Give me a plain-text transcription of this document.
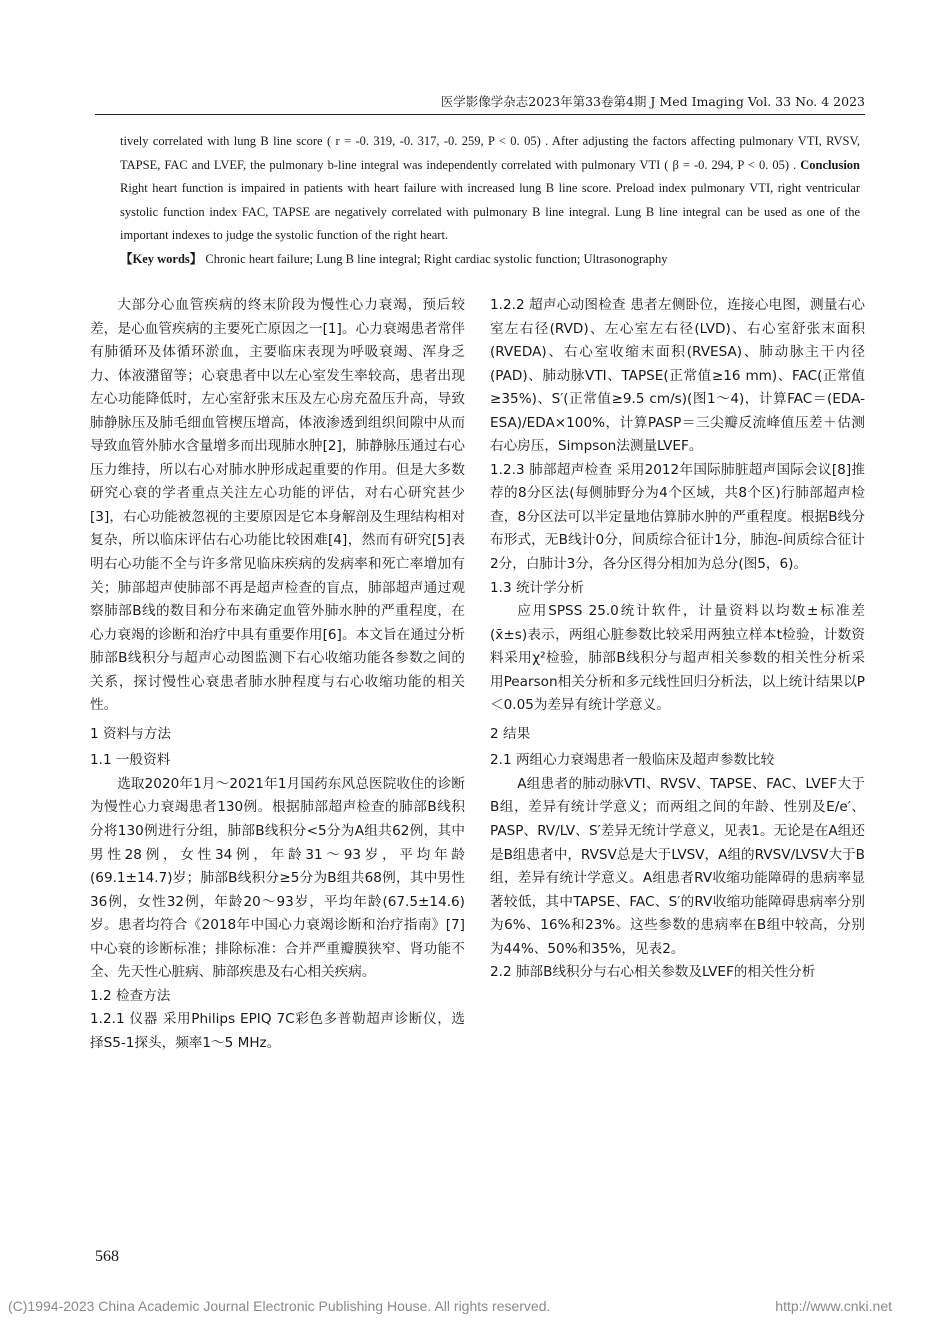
医学影像学杂志2023年第33卷第4期 J Med Imaging Vol. 33 No. 4 2023
tively correlated with lung B line score ( r = -0. 319, -0. 317, -0. 259, P < 0. 05) . After adjusting the factors affecting pulmonary VTI, RVSV, TAPSE, FAC and LVEF, the pulmonary b-line integral was independently correlated with pulmonary VTI ( β = -0. 294, P < 0. 05) . Conclusion Right heart function is impaired in patients with heart failure with increased lung B line score. Preload index pulmonary VTI, right ventricular systolic function index FAC, TAPSE are negatively correlated with pulmonary B line integral. Lung B line integral can be used as one of the important indexes to judge the systolic function of the right heart.
【Key words】 Chronic heart failure; Lung B line integral; Right cardiac systolic function; Ultrasonography

大部分心血管疾病的终末阶段为慢性心力衰竭，预后较差，是心血管疾病的主要死亡原因之一[1]。心力衰竭患者常伴有肺循环及体循环淤血，主要临床表现为呼吸衰竭、浑身乏力、体液潴留等；心衰患者中以左心室发生率较高，患者出现左心功能降低时，左心室舒张末压及左心房充盈压升高，导致肺静脉压及肺毛细血管楔压增高，体液渗透到组织间隙中从而导致血管外肺水含量增多而出现肺水肿[2]，肺静脉压通过右心压力维持，所以右心对肺水肿形成起重要的作用。但是大多数研究心衰的学者重点关注左心功能的评估，对右心研究甚少[3]，右心功能被忽视的主要原因是它本身解剖及生理结构相对复杂，所以临床评估右心功能比较困难[4]，然而有研究[5]表明右心功能不全与许多常见临床疾病的发病率和死亡率增加有关；肺部超声使肺部不再是超声检查的盲点，肺部超声通过观察肺部B线的数目和分布来确定血管外肺水肿的严重程度，在心力衰竭的诊断和治疗中具有重要作用[6]。本文旨在通过分析肺部B线积分与超声心动图监测下右心收缩功能各参数之间的关系，探讨慢性心衰患者肺水肿程度与右心收缩功能的相关性。

1 资料与方法

1.1 一般资料

选取2020年1月～2021年1月国药东风总医院收住的诊断为慢性心力衰竭患者130例。根据肺部超声检查的肺部B线积分将130例进行分组，肺部B线积分<5分为A组共62例，其中男性28例，女性34例，年龄31～93岁，平均年龄(69.1±14.7)岁；肺部B线积分≥5分为B组共68例，其中男性36例，女性32例，年龄20～93岁，平均年龄(67.5±14.6)岁。患者均符合《2018年中国心力衰竭诊断和治疗指南》[7]中心衰的诊断标准；排除标准：合并严重瓣膜狭窄、肾功能不全、先天性心脏病、肺部疾患及右心相关疾病。

1.2 检查方法

1.2.1 仪器 采用Philips EPIQ 7C彩色多普勒超声诊断仪，选择S5-1探头，频率1～5 MHz。

1.2.2 超声心动图检查 患者左侧卧位，连接心电图，测量右心室左右径(RVD)、左心室左右径(LVD)、右心室舒张末面积(RVEDA)、右心室收缩末面积(RVESA)、肺动脉主干内径(PAD)、肺动脉VTI、TAPSE(正常值≥16 mm)、FAC(正常值≥35%)、S′(正常值≥9.5 cm/s)(图1～4)，计算FAC＝(EDA-ESA)/EDA×100%，计算PASP＝三尖瓣反流峰值压差＋估测右心房压，Simpson法测量LVEF。

1.2.3 肺部超声检查 采用2012年国际肺脏超声国际会议[8]推荐的8分区法(每侧肺野分为4个区域，共8个区)行肺部超声检查，8分区法可以半定量地估算肺水肿的严重程度。根据B线分布形式，无B线计0分，间质综合征计1分，肺泡-间质综合征计2分，白肺计3分，各分区得分相加为总分(图5，6)。

1.3 统计学分析

应用SPSS 25.0统计软件，计量资料以均数±标准差(x̄±s)表示，两组心脏参数比较采用两独立样本t检验，计数资料采用χ²检验，肺部B线积分与超声相关参数的相关性分析采用Pearson相关分析和多元线性回归分析法，以上统计结果以P＜0.05为差异有统计学意义。

2 结果

2.1 两组心力衰竭患者一般临床及超声参数比较

A组患者的肺动脉VTI、RVSV、TAPSE、FAC、LVEF大于B组，差异有统计学意义；而两组之间的年龄、性别及E/e′、PASP、RV/LV、S′差异无统计学意义，见表1。无论是在A组还是B组患者中，RVSV总是大于LVSV，A组的RVSV/LVSV大于B组，差异有统计学意义。A组患者RV收缩功能障碍的患病率显著较低，其中TAPSE、FAC、S′的RV收缩功能障碍患病率分别为6%、16%和23%。这些参数的患病率在B组中较高，分别为44%、50%和35%，见表2。

2.2 肺部B线积分与右心相关参数及LVEF的相关性分析

568
(C)1994-2023 China Academic Journal Electronic Publishing House. All rights reserved.	http://www.cnki.net
